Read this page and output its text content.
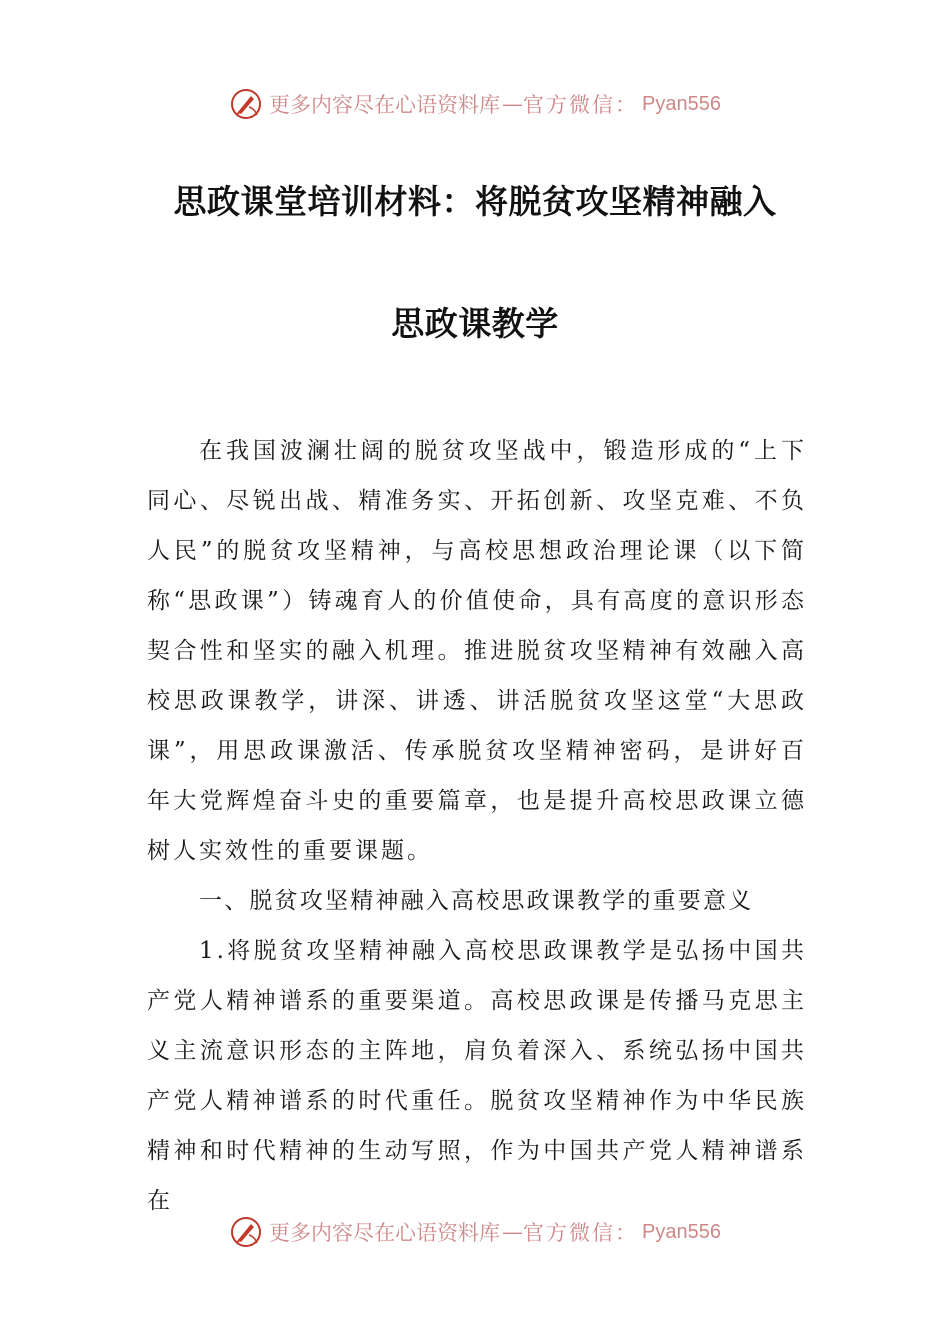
更多内容尽在心语资料库 — 官方微信： Pyan556
思政课堂培训材料：将脱贫攻坚精神融入
思政课教学

在我国波澜壮阔的脱贫攻坚战中，锻造形成的“上下同心、尽锐出战、精准务实、开拓创新、攻坚克难、不负人民”的脱贫攻坚精神，与高校思想政治理论课（以下简称“思政课”）铸魂育人的价值使命，具有高度的意识形态契合性和坚实的融入机理。推进脱贫攻坚精神有效融入高校思政课教学，讲深、讲透、讲活脱贫攻坚这堂“大思政课”，用思政课激活、传承脱贫攻坚精神密码，是讲好百年大党辉煌奋斗史的重要篇章，也是提升高校思政课立德树人实效性的重要课题。

一、脱贫攻坚精神融入高校思政课教学的重要意义

1.将脱贫攻坚精神融入高校思政课教学是弘扬中国共产党人精神谱系的重要渠道。高校思政课是传播马克思主义主流意识形态的主阵地，肩负着深入、系统弘扬中国共产党人精神谱系的时代重任。脱贫攻坚精神作为中华民族精神和时代精神的生动写照，作为中国共产党人精神谱系在

更多内容尽在心语资料库 — 官方微信： Pyan556
